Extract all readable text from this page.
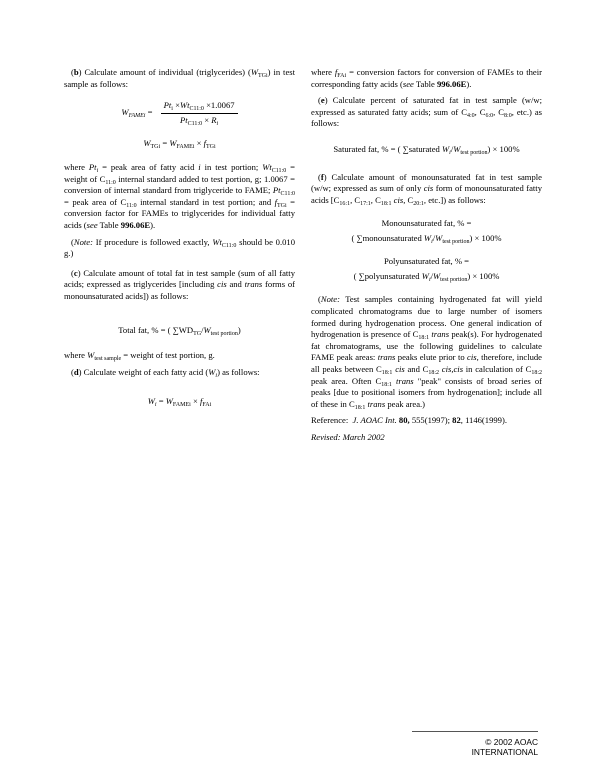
(b) Calculate amount of individual (triglycerides) $(W_{TGi})$ in test sample as follows:

$W_{FAMEi} = \frac{Pt_i \times Wt_{C11:0} \times 1.0067}{Pt_{C11:0} \times R_i}$
$W_{TGi} = W_{FAMEi} \times f_{TGi}$

where $Pt_i$ = peak area of fatty acid i in test portion; $Wt_{C11:0}$ = weight of $C_{11:0}$ internal standard added to test portion, g; 1.0067 = conversion of internal standard from triglyceride to FAME; $Pt_{C11:0}$ = peak area of $C_{11:0}$ internal standard in test portion; and $f_{TGi}$ = conversion factor for FAMEs to triglycerides for individual fatty acids (see Table 996.06E).

(Note: If procedure is followed exactly, $Wt_{C11:0}$ should be 0.010 g.)

(c) Calculate amount of total fat in test sample (sum of all fatty acids; expressed as triglycerides [including cis and trans forms of monounsaturated acids]) as follows:

Total fat, % = ( $\sum WD_{TG}/W_{test portion}$)

where $W_{test sample}$ = weight of test portion, g.

(d) Calculate weight of each fatty acid $(W_i)$ as follows:

$W_i = W_{FAMEi} \times f_{FAi}$

where $f_{FAi}$ = conversion factors for conversion of FAMEs to their corresponding fatty acids (see Table 996.06E).

(e) Calculate percent of saturated fat in test sample (w/w; expressed as saturated fatty acids; sum of $C_{4:0}$, $C_{6:0}$, $C_{8:0}$, etc.) as follows:

Saturated fat, % = ( ∑saturated $W_i/W_{test portion}) \times 100\%$

(f) Calculate amount of monounsaturated fat in test sample (w/w; expressed as sum of only cis form of monounsaturated fatty acids [$C_{16:1}$, $C_{17:1}$, $C_{18:1}$ cis, $C_{20:1}$, etc.]) as follows:

Monounsaturated fat, % =
( ∑monounsaturated $W_i/W_{test portion}) \times 100\%$
Polyunsaturated fat, % =
( ∑polyunsaturated $W_i/W_{test portion}) \times 100\%$

(Note: Test samples containing hydrogenated fat will yield complicated chromatograms due to large number of isomers formed during hydrogenation process. One general indication of hydrogenation is presence of $C_{18:1}$ trans peak(s). For hydrogenated fat chromatograms, use the following guidelines to calculate FAME peak areas: trans peaks elute prior to cis, therefore, include all peaks between $C_{18:1}$ cis and $C_{18:2}$ cis,cis in calculation of $C_{18:2}$ peak area. Often $C_{18:1}$ trans "peak" consists of broad series of peaks [due to positional isomers from hydrogenation]; include all of these in $C_{18:1}$ trans peak area.)

Reference:  J. AOAC Int. 80, 555(1997); 82, 1146(1999).

Revised: March 2002

© 2002 AOAC INTERNATIONAL
